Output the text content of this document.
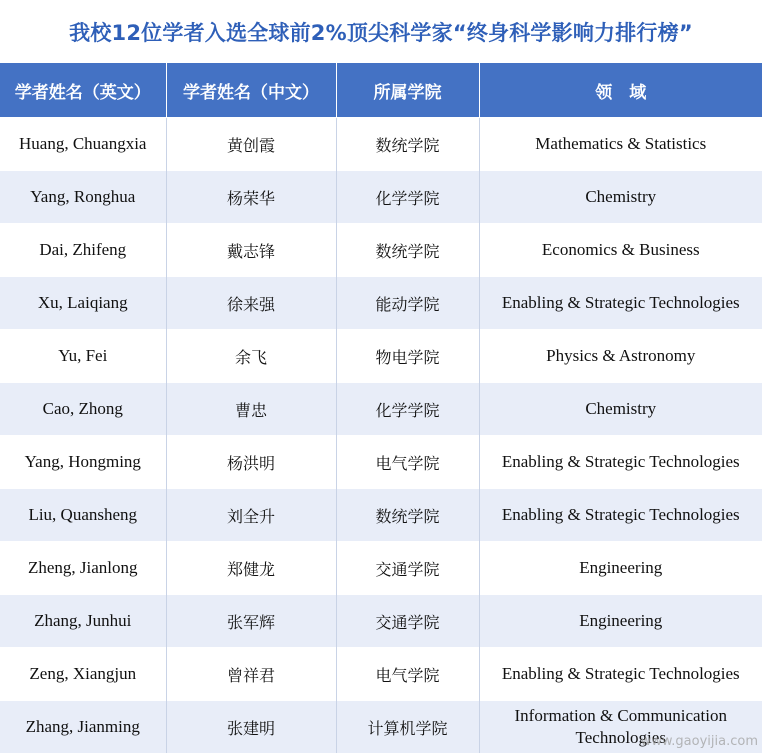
我校12位学者入选全球前2%顶尖科学家“终身科学影响力排行榜”
学者姓名（英文）	学者姓名（中文）	所属学院	领　域
Huang, Chuangxia	黄创霞	数统学院	Mathematics & Statistics
Yang, Ronghua	杨荣华	化学学院	Chemistry
Dai, Zhifeng	戴志锋	数统学院	Economics & Business
Xu, Laiqiang	徐来强	能动学院	Enabling & Strategic Technologies
Yu, Fei	余飞	物电学院	Physics & Astronomy
Cao, Zhong	曹忠	化学学院	Chemistry
Yang, Hongming	杨洪明	电气学院	Enabling & Strategic Technologies
Liu, Quansheng	刘全升	数统学院	Enabling & Strategic Technologies
Zheng, Jianlong	郑健龙	交通学院	Engineering
Zhang, Junhui	张军辉	交通学院	Engineering
Zeng, Xiangjun	曾祥君	电气学院	Enabling & Strategic Technologies
Zhang, Jianming	张建明	计算机学院	Information & Communication Technologies
www.gaoyijia.com
